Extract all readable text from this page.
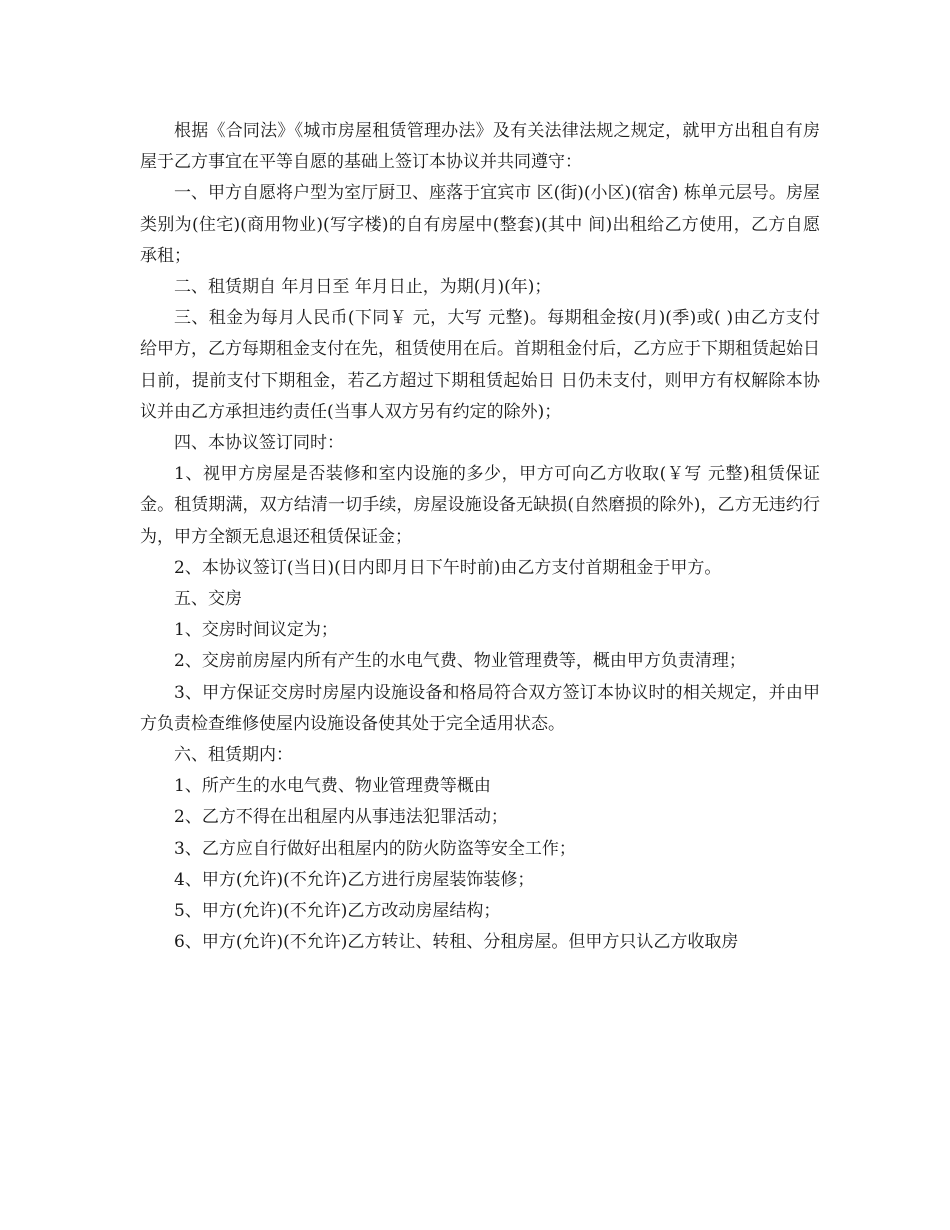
根据《合同法》《城市房屋租赁管理办法》及有关法律法规之规定，就甲方出租自有房屋于乙方事宜在平等自愿的基础上签订本协议并共同遵守：

一、甲方自愿将户型为室厅厨卫、座落于宜宾市 区(街)(小区)(宿舍) 栋单元层号。房屋类别为(住宅)(商用物业)(写字楼)的自有房屋中(整套)(其中 间)出租给乙方使用，乙方自愿承租；

二、租赁期自 年月日至 年月日止，为期(月)(年)；

三、租金为每月人民币(下同￥ 元，大写 元整)。每期租金按(月)(季)或( )由乙方支付给甲方，乙方每期租金支付在先，租赁使用在后。首期租金付后，乙方应于下期租赁起始日 日前，提前支付下期租金，若乙方超过下期租赁起始日 日仍未支付，则甲方有权解除本协议并由乙方承担违约责任(当事人双方另有约定的除外)；

四、本协议签订同时：

1、视甲方房屋是否装修和室内设施的多少，甲方可向乙方收取(￥写 元整)租赁保证金。租赁期满，双方结清一切手续，房屋设施设备无缺损(自然磨损的除外)，乙方无违约行为，甲方全额无息退还租赁保证金；

2、本协议签订(当日)(日内即月日下午时前)由乙方支付首期租金于甲方。

五、交房

1、交房时间议定为；

2、交房前房屋内所有产生的水电气费、物业管理费等，概由甲方负责清理；

3、甲方保证交房时房屋内设施设备和格局符合双方签订本协议时的相关规定，并由甲方负责检查维修使屋内设施设备使其处于完全适用状态。

六、租赁期内：

1、所产生的水电气费、物业管理费等概由

2、乙方不得在出租屋内从事违法犯罪活动；

3、乙方应自行做好出租屋内的防火防盗等安全工作；

4、甲方(允许)(不允许)乙方进行房屋装饰装修；

5、甲方(允许)(不允许)乙方改动房屋结构；

6、甲方(允许)(不允许)乙方转让、转租、分租房屋。但甲方只认乙方收取房
